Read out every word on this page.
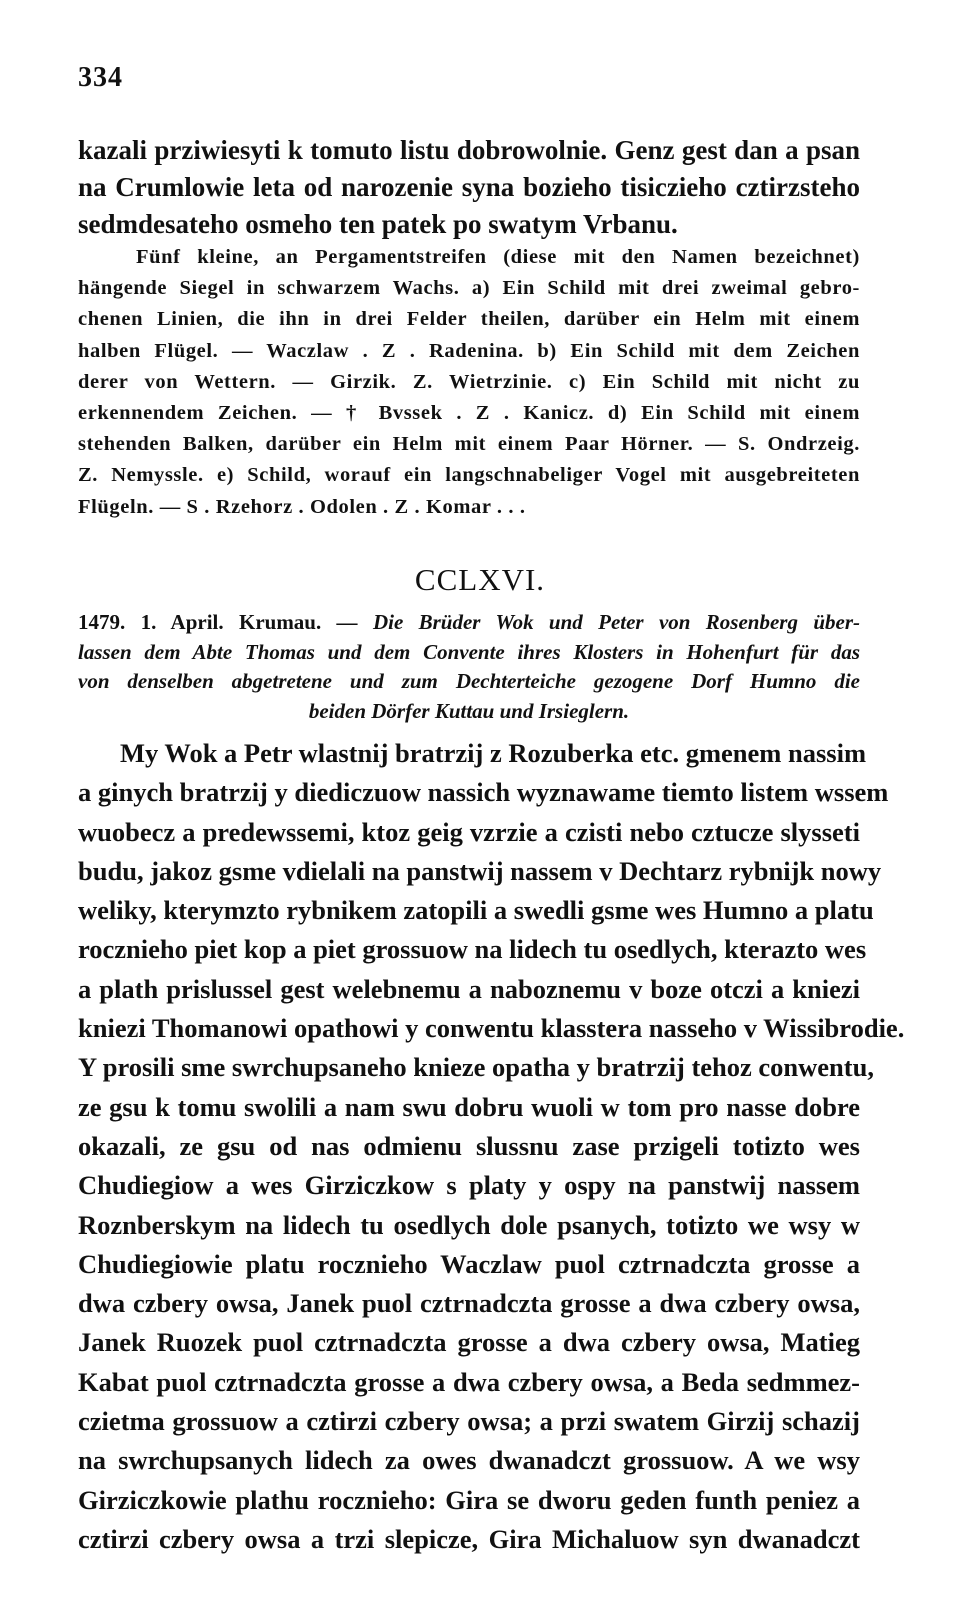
334
kazali prziwiesyti k tomuto listu dobrowolnie. Genz gest dan a psan
na Crumlowie leta od narozenie syna bozieho tisiczieho cztirzsteho
sedmdesateho osmeho ten patek po swatym Vrbanu.
Fünf kleine, an Pergamentstreifen (diese mit den Namen bezeichnet)
hängende Siegel in schwarzem Wachs. a) Ein Schild mit drei zweimal gebro-
chenen Linien, die ihn in drei Felder theilen, darüber ein Helm mit einem
halben Flügel. — Waczlaw . Z . Radenina. b) Ein Schild mit dem Zeichen
derer von Wettern. — Girzik. Z. Wietrzinie. c) Ein Schild mit nicht zu
erkennendem Zeichen. — † Bvssek . Z . Kanicz. d) Ein Schild mit einem
stehenden Balken, darüber ein Helm mit einem Paar Hörner. — S. Ondrzeig.
Z. Nemyssle. e) Schild, worauf ein langschnabeliger Vogel mit ausgebreiteten
Flügeln. — S . Rzehorz . Odolen . Z . Komar . . .
CCLXVI.
1479. 1. April. Krumau. — Die Brüder Wok und Peter von Rosenberg über-
lassen dem Abte Thomas und dem Convente ihres Klosters in Hohenfurt für das
von denselben abgetretene und zum Dechterteiche gezogene Dorf Humno die
beiden Dörfer Kuttau und Irsieglern.
My Wok a Petr wlastnij bratrzij z Rozuberka etc. gmenem nassim
a ginych bratrzij y diediczuow nassich wyznawame tiemto listem wssem
wuobecz a predewssemi, ktoz geig vzrzie a czisti nebo cztucze slysseti
budu, jakoz gsme vdielali na panstwij nassem v Dechtarz rybnijk nowy
weliky, kterymzto rybnikem zatopili a swedli gsme wes Humno a platu
rocznieho piet kop a piet grossuow na lidech tu osedlych, kterazto wes
a plath prislussel gest welebnemu a naboznemu v boze otczi a kniezi
kniezi Thomanowi opathowi y conwentu klasstera nasseho v Wissibrodie.
Y prosili sme swrchupsaneho knieze opatha y bratrzij tehoz conwentu,
ze gsu k tomu swolili a nam swu dobru wuoli w tom pro nasse dobre
okazali, ze gsu od nas odmienu slussnu zase przigeli totizto wes
Chudiegiow a wes Girziczkow s platy y ospy na panstwij nassem
Roznberskym na lidech tu osedlych dole psanych, totizto we wsy w
Chudiegiowie platu rocznieho Waczlaw puol cztrnadczta grosse a
dwa czbery owsa, Janek puol cztrnadczta grosse a dwa czbery owsa,
Janek Ruozek puol cztrnadczta grosse a dwa czbery owsa, Matieg
Kabat puol cztrnadczta grosse a dwa czbery owsa, a Beda sedmmez-
czietma grossuow a cztirzi czbery owsa; a przi swatem Girzij schazij
na swrchupsanych lidech za owes dwanadczt grossuow. A we wsy
Girziczkowie plathu rocznieho: Gira se dworu geden funth peniez a
cztirzi czbery owsa a trzi slepicze, Gira Michaluow syn dwanadczt
